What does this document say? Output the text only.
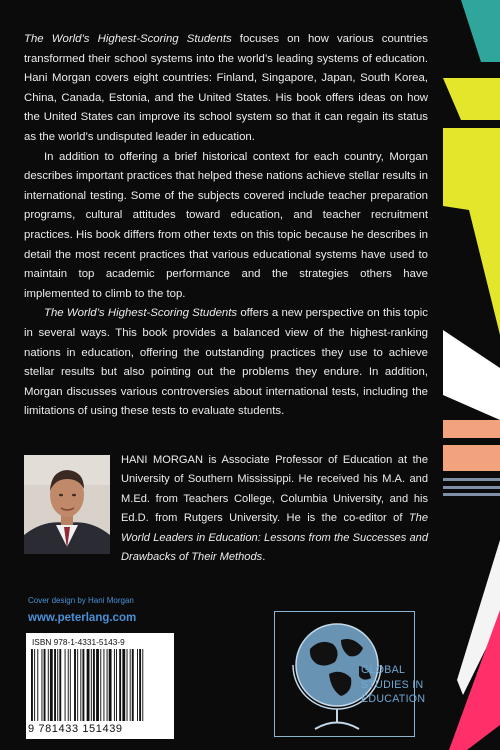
The World’s Highest-Scoring Students focuses on how various countries transformed their school systems into the world’s leading systems of education. Hani Morgan covers eight countries: Finland, Singapore, Japan, South Korea, China, Canada, Estonia, and the United States. His book offers ideas on how the United States can improve its school system so that it can regain its status as the world’s undisputed leader in education.

In addition to offering a brief historical context for each country, Morgan describes important practices that helped these nations achieve stellar results in international testing. Some of the subjects covered include teacher preparation programs, cultural attitudes toward education, and teacher recruitment practices. His book differs from other texts on this topic because he describes in detail the most recent practices that various educational systems have used to maintain top academic performance and the strategies others have implemented to climb to the top.

The World’s Highest-Scoring Students offers a new perspective on this topic in several ways. This book provides a balanced view of the highest-ranking nations in education, offering the outstanding practices they use to achieve stellar results but also pointing out the problems they endure. In addition, Morgan discusses various controversies about international tests, including the limitations of using these tests to evaluate students.

HANI MORGAN is Associate Professor of Education at the University of Southern Mississippi. He received his M.A. and M.Ed. from Teachers College, Columbia University, and his Ed.D. from Rutgers University. He is the co-editor of The World Leaders in Education: Lessons from the Successes and Drawbacks of Their Methods.
Cover design by Hani Morgan
www.peterlang.com
ISBN 978-1-4331-5143-9
9 781433 151439
GLOBAL
STUDIES IN
EDUCATION
